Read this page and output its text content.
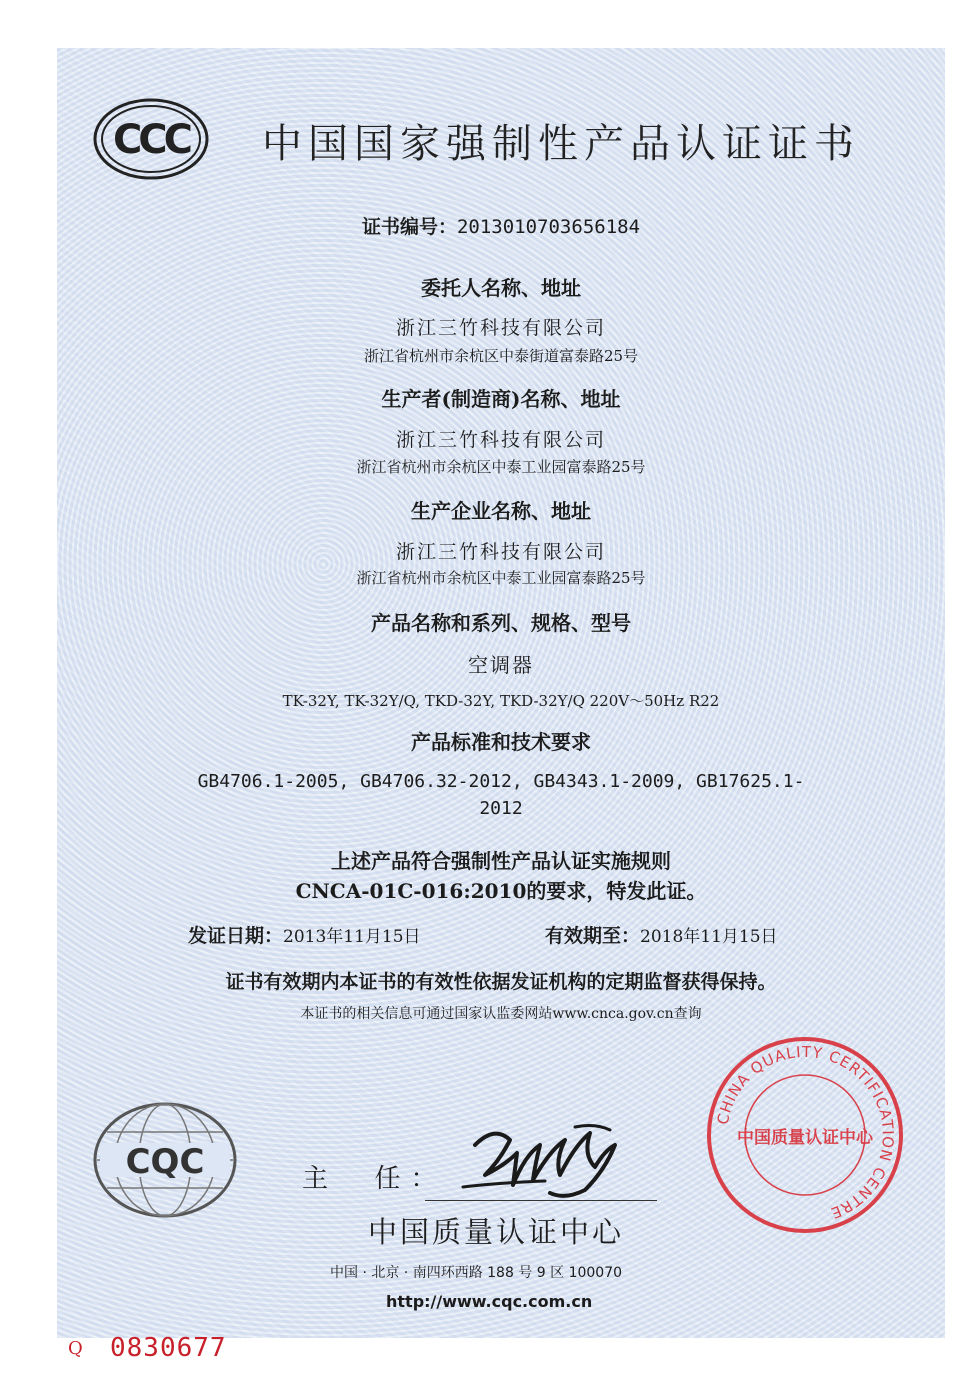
CCC 中国国家强制性产品认证证书
证书编号：2013010703656184
委托人名称、地址
浙江三竹科技有限公司
浙江省杭州市余杭区中泰街道富泰路25号
生产者(制造商)名称、地址
浙江三竹科技有限公司
浙江省杭州市余杭区中泰工业园富泰路25号
生产企业名称、地址
浙江三竹科技有限公司
浙江省杭州市余杭区中泰工业园富泰路25号
产品名称和系列、规格、型号
空调器
TK-32Y, TK-32Y/Q, TKD-32Y, TKD-32Y/Q 220V～50Hz R22
产品标准和技术要求
GB4706.1-2005, GB4706.32-2012, GB4343.1-2009, GB17625.1-
2012
上述产品符合强制性产品认证实施规则
CNCA-01C-016:2010的要求，特发此证。
发证日期：2013年11月15日	有效期至：2018年11月15日
证书有效期内本证书的有效性依据发证机构的定期监督获得保持。
本证书的相关信息可通过国家认监委网站www.cnca.gov.cn查询
CQC	主  任：
中国质量认证中心
中国 · 北京 · 南四环西路 188 号 9 区 100070
http://www.cqc.com.cn
CHINA QUALITY CERTIFICATION CENTRE
中国质量认证中心
Q 0830677
